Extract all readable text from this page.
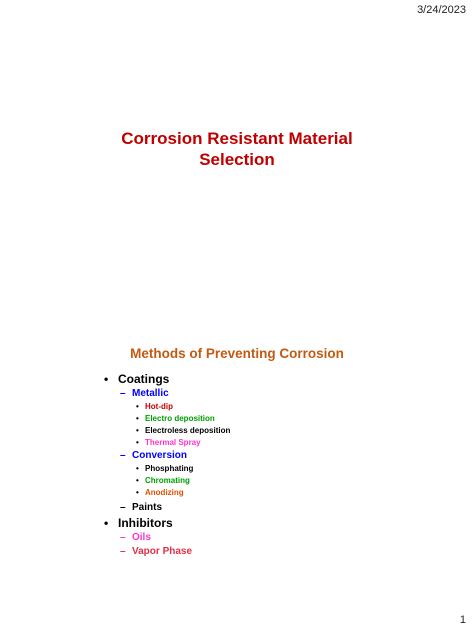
3/24/2023
Corrosion Resistant Material
Selection
Methods of Preventing Corrosion
• Coatings
– Metallic
• Hot-dip
• Electro deposition
• Electroless deposition
• Thermal Spray
– Conversion
• Phosphating
• Chromating
• Anodizing
– Paints
• Inhibitors
– Oils
– Vapor Phase
1
